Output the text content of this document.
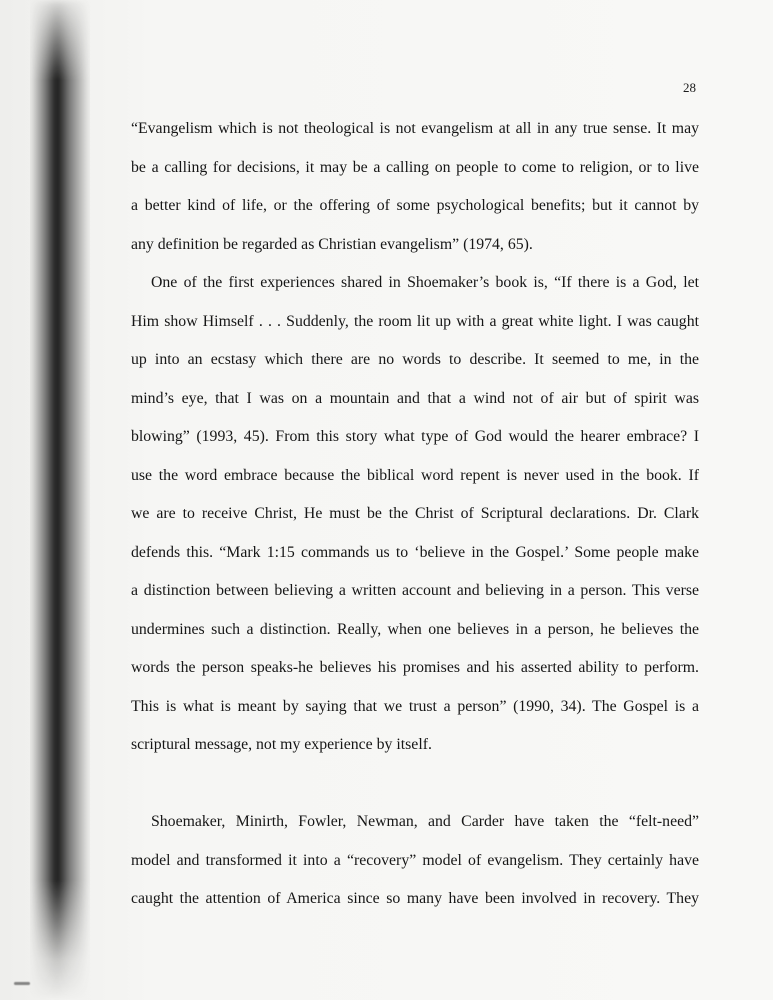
28
“Evangelism which is not theological is not evangelism at all in any true sense. It may
be a calling for decisions, it may be a calling on people to come to religion, or to live
a better kind of life, or the offering of some psychological benefits; but it cannot by
any definition be regarded as Christian evangelism” (1974, 65).
One of the first experiences shared in Shoemaker’s book is, “If there is a God, let
Him show Himself . . . Suddenly, the room lit up with a great white light. I was caught
up into an ecstasy which there are no words to describe. It seemed to me, in the
mind’s eye, that I was on a mountain and that a wind not of air but of spirit was
blowing” (1993, 45). From this story what type of God would the hearer embrace? I
use the word embrace because the biblical word repent is never used in the book. If
we are to receive Christ, He must be the Christ of Scriptural declarations. Dr. Clark
defends this. “Mark 1:15 commands us to ‘believe in the Gospel.’ Some people make
a distinction between believing a written account and believing in a person. This verse
undermines such a distinction. Really, when one believes in a person, he believes the
words the person speaks-he believes his promises and his asserted ability to perform.
This is what is meant by saying that we trust a person” (1990, 34). The Gospel is a
scriptural message, not my experience by itself.
Shoemaker, Minirth, Fowler, Newman, and Carder have taken the “felt-need”
model and transformed it into a “recovery” model of evangelism. They certainly have
caught the attention of America since so many have been involved in recovery. They
